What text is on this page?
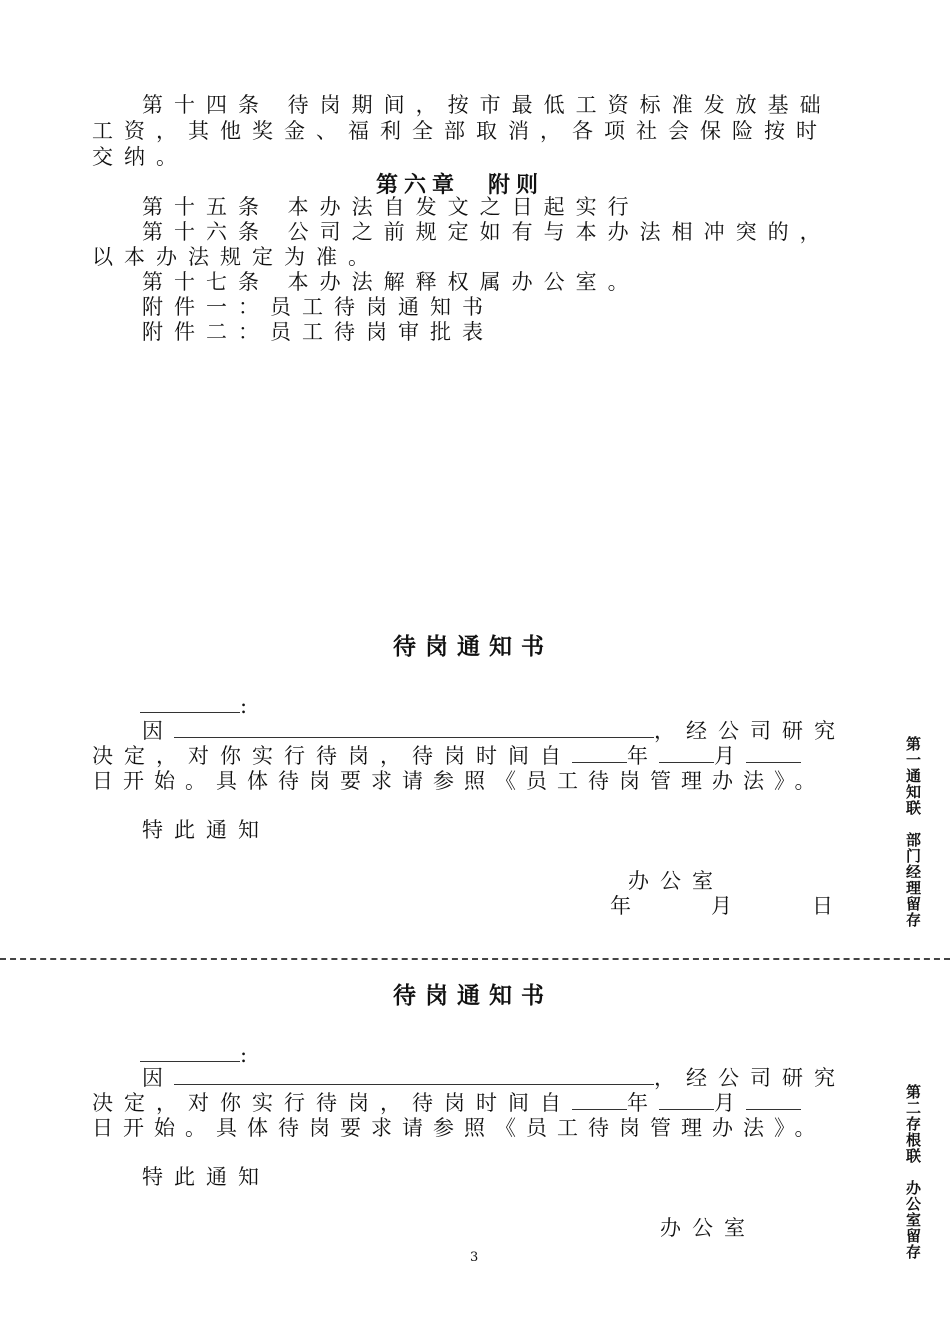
第十四条 待岗期间，按市最低工资标准发放基础
工资，其他奖金、福利全部取消，各项社会保险按时
交纳。
第六章　附则
第十五条 本办法自发文之日起实行
第十六条 公司之前规定如有与本办法相冲突的，
以本办法规定为准。
第十七条 本办法解释权属办公室。
附件一：员工待岗通知书
附件二：员工待岗审批表
待岗通知书
:
因	，经公司研究
决定，对你实行待岗，待岗时间自	年	月
日开始。具体待岗要求请参照《员工待岗管理办法》。
特此通知
办公室
年	月	日	第一通知联　部门经理留存
待岗通知书
:
因	，经公司研究
决定，对你实行待岗，待岗时间自	年	月
日开始。具体待岗要求请参照《员工待岗管理办法》。
特此通知
办公室
3	第二存根联　办公室留存
